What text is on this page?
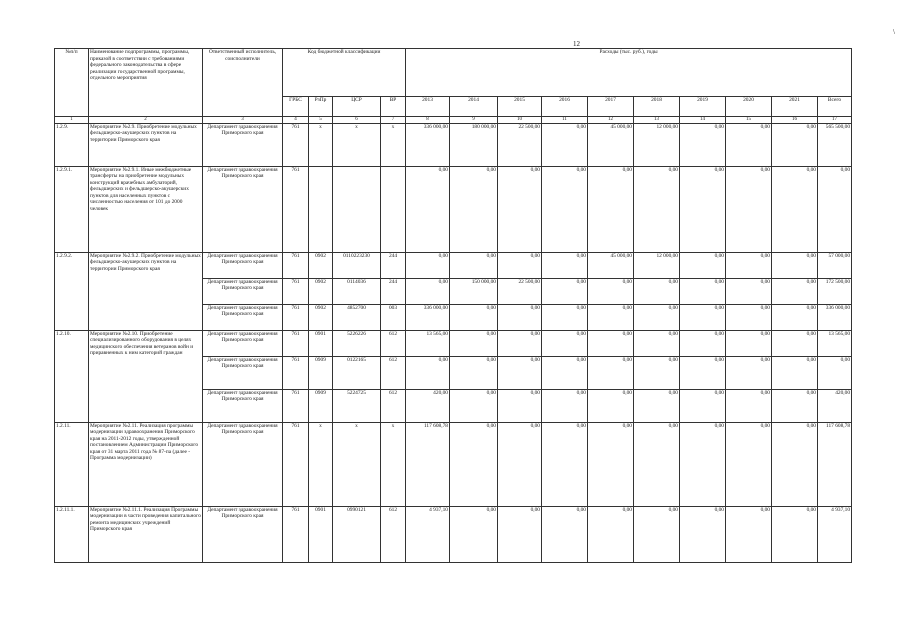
12
\
№п/п	Наименование подпрограммы, программы, приказой в соответствии с требованиями федерального законодательства в сфере реализации государственной программы, отдельного мероприятия	Ответственный исполнитель, соисполнители	Код бюджетной классификации				Расходы (тыс. руб.), годы									
			ГРБС	РзПр	ЦСР	ВР	2013	2014	2015	2016	2017	2018	2019	2020	2021	Всего
1	2	3	4	5	6	7	8	9	10	11	12	13	14	15	16	17
1.2.9.	Мероприятие №2.9. Приобретение модульных фельдшерско-акушерских пунктов на территории Приморского края	Департамент здравоохранения Приморского края	761	x	x	x	336 000,00	180 000,00	22 500,00	0,00	45 000,00	12 000,00	0,00	0,00	0,00	565 500,00
1.2.9.1.	Мероприятие №2.9.1. Иные межбюджетные трансферты на приобретение модульных конструкций врачебных амбулаторий, фельдшерских и фельдшерско-акушерских пунктов для населенных пунктов с численностью населения от 101 до 2000 человек	Департамент здравоохранения Приморского края	761				0,00	0,00	0,00	0,00	0,00	0,00	0,00	0,00	0,00	0,00
1.2.9.2.	Мероприятие №2.9.2. Приобретение модульных фельдшерско-акушерских пунктов на территории Приморского края	Департамент здравоохранения Приморского края	761	0902	0110223230	244	0,00	0,00	0,00	0,00	45 000,00	12 000,00	0,00	0,00	0,00	57 000,00
		Департамент здравоохранения Приморского края	761	0902	0114036	244	0,00	150 000,00	22 500,00	0,00	0,00	0,00	0,00	0,00	0,00	172 500,00
		Департамент здравоохранения Приморского края	761	0902	4852700	003	336 000,00	0,00	0,00	0,00	0,00	0,00	0,00	0,00	0,00	336 000,00
1.2.10.	Мероприятие №2.10. Приобретение специализированного оборудования в целях медицинского обеспечения ветеранов войн и приравненных к ним категорий граждан	Департамент здравоохранения Приморского края	761	0901	5226226	612	13 565,00	0,00	0,00	0,00	0,00	0,00	0,00	0,00	0,00	13 565,00
		Департамент здравоохранения Приморского края	761	0909	0122165	612	0,00	0,00	0,00	0,00	0,00	0,00	0,00	0,00	0,00	0,00
		Департамент здравоохранения Приморского края	761	0909	5224725	612	420,00	0,00	0,00	0,00	0,00	0,00	0,00	0,00	0,00	420,00
1.2.11.	Мероприятие №2.11. Реализация программы модернизации здравоохранения Приморского края на 2011-2012 годы, утвержденной постановлением Администрации Приморского края от 31 марта 2011 года № 87-па (далее - Программа модернизации)	Департамент здравоохранения Приморского края	761	x	x	x	117 608,78	0,00	0,00	0,00	0,00	0,00	0,00	0,00	0,00	117 608,78
1.2.11.1.	Мероприятие №2.11.1. Реализация Программы модернизации в части проведения капитального ремонта медицинских учреждений Приморского края	Департамент здравоохранения Приморского края	761	0901	0990121	612	4 937,10	0,00	0,00	0,00	0,00	0,00	0,00	0,00	0,00	4 937,10
